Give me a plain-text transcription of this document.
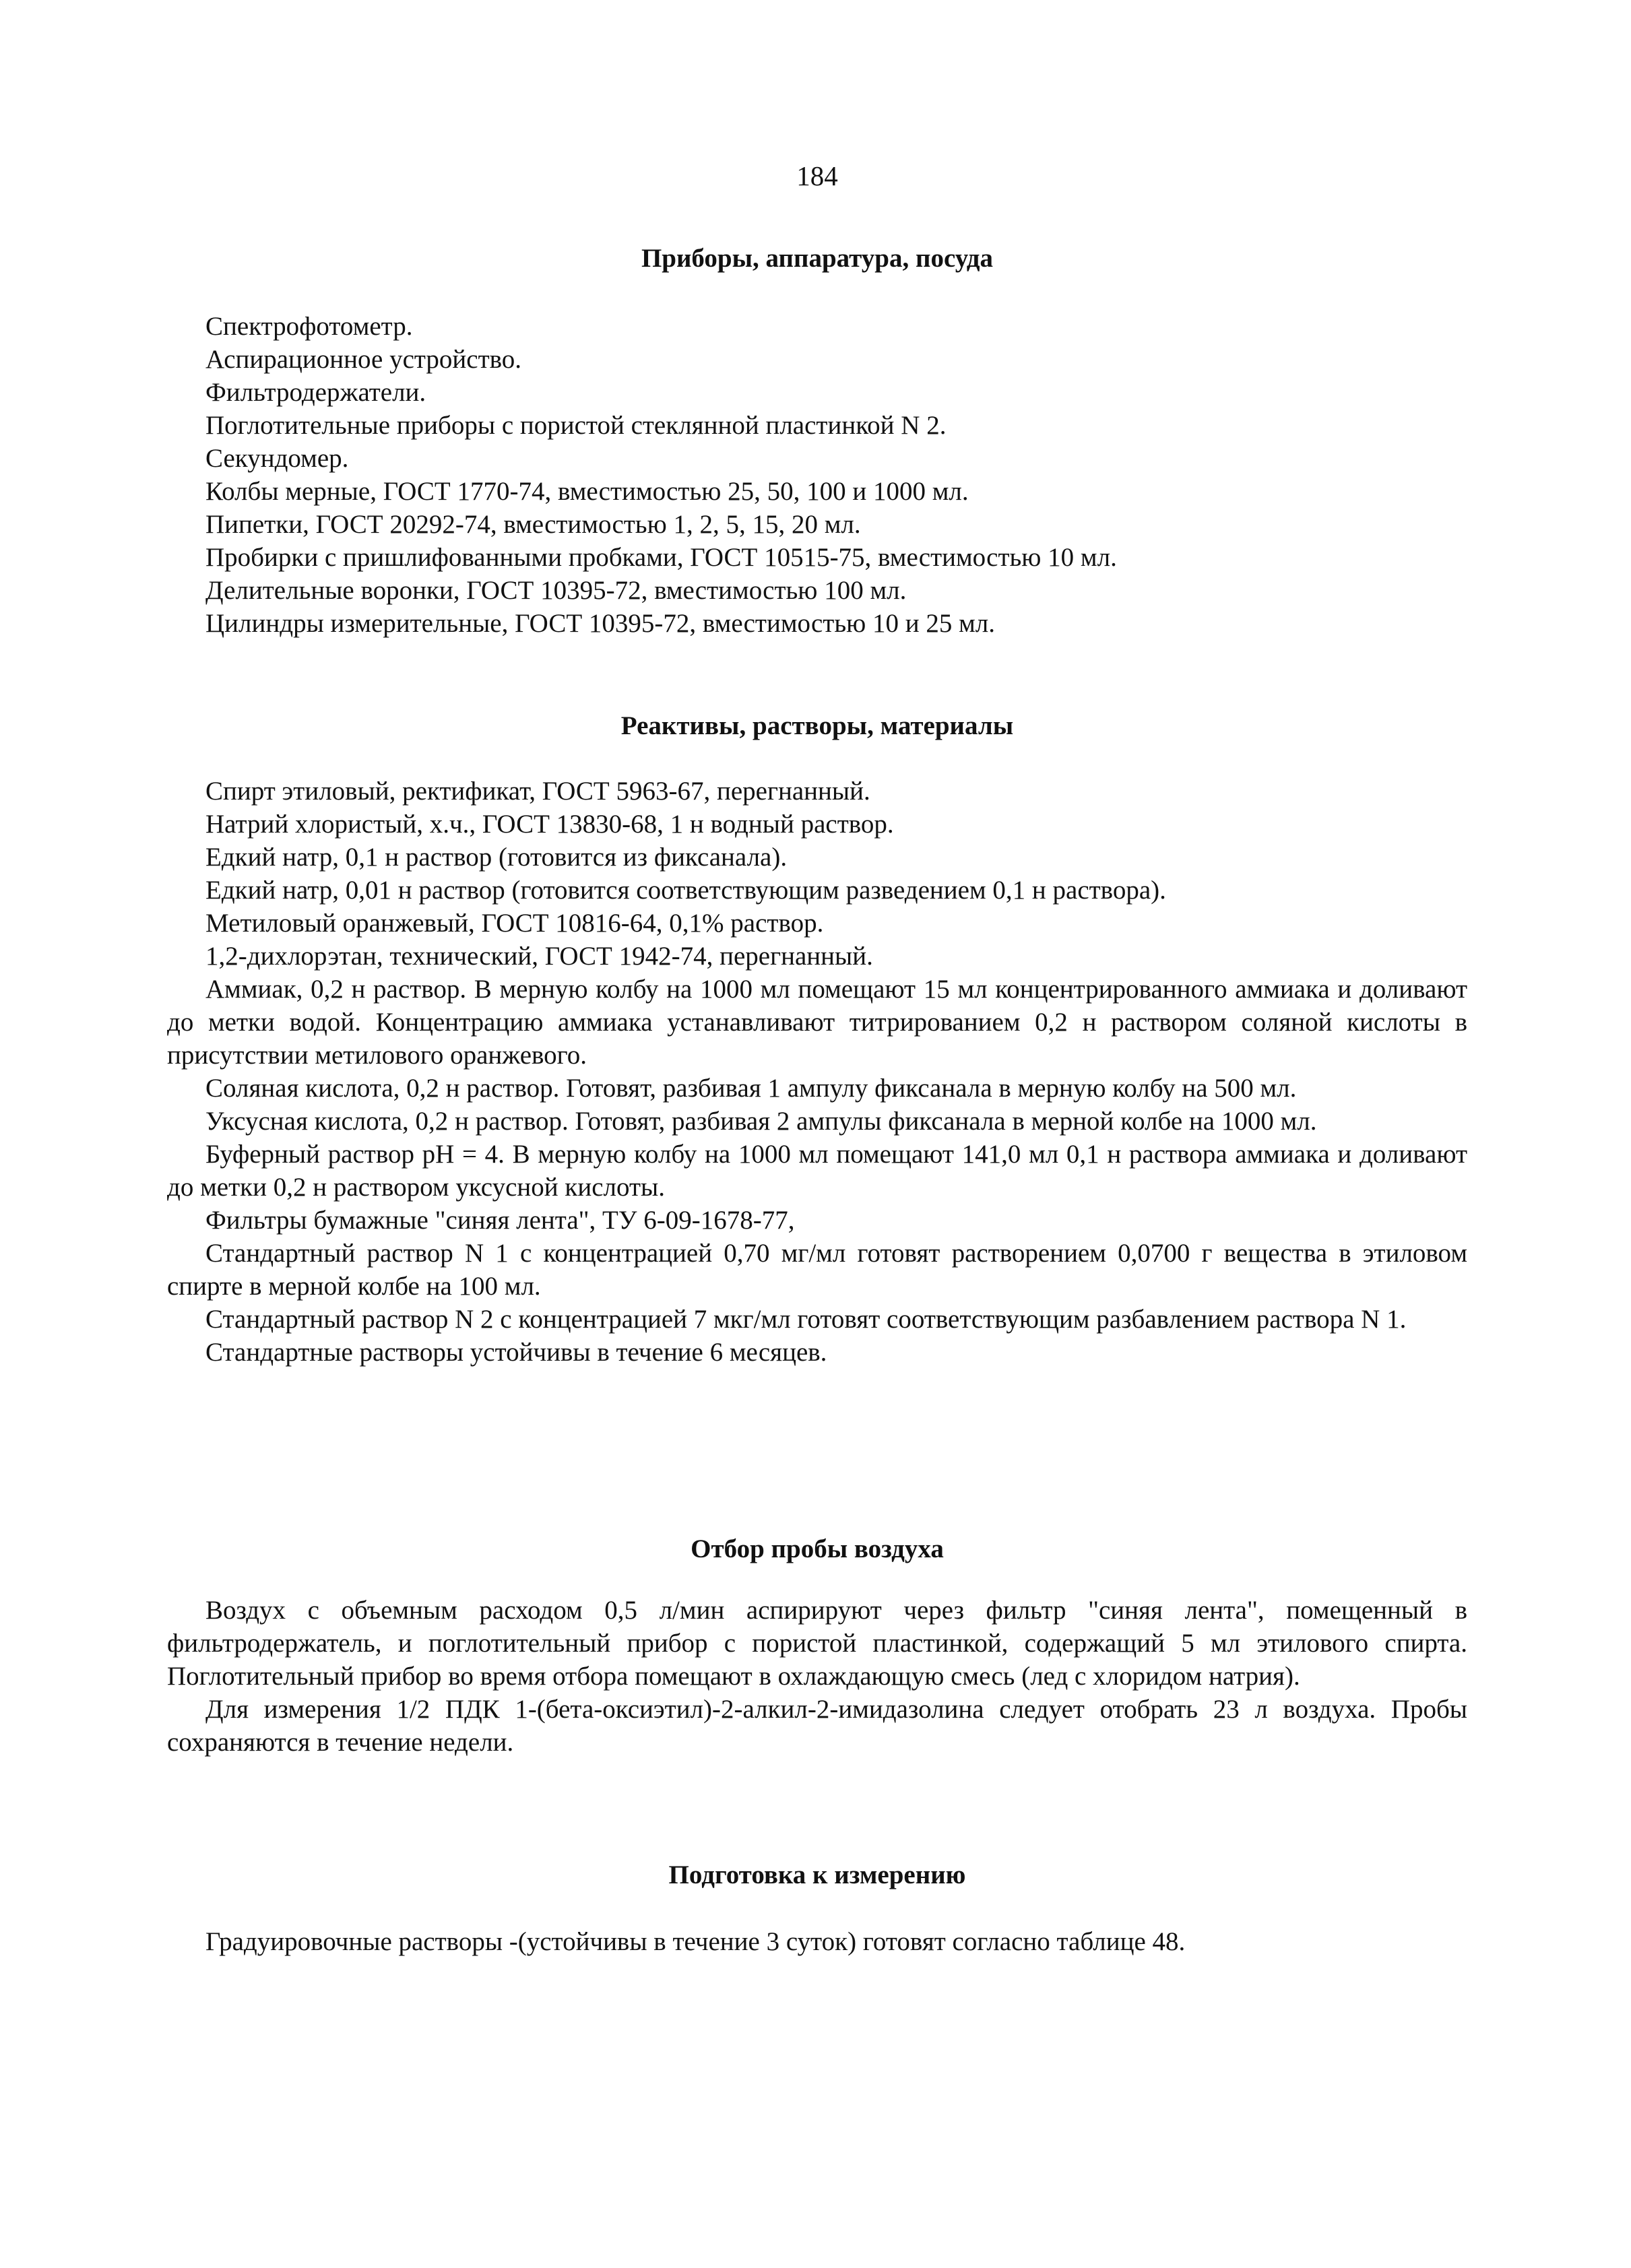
184
Приборы, аппаратура, посуда

Спектрофотометр.

Аспирационное устройство.

Фильтродержатели.

Поглотительные приборы с пористой стеклянной пластинкой N 2.

Секундомер.

Колбы мерные, ГОСТ 1770-74, вместимостью 25, 50, 100 и 1000 мл.

Пипетки, ГОСТ 20292-74, вместимостью 1, 2, 5, 15, 20 мл.

Пробирки с пришлифованными пробками, ГОСТ 10515-75, вместимостью 10 мл.

Делительные воронки, ГОСТ 10395-72, вместимостью 100 мл.

Цилиндры измерительные, ГОСТ 10395-72, вместимостью 10 и 25 мл.

Реактивы, растворы, материалы

Спирт этиловый, ректификат, ГОСТ 5963-67, перегнанный.

Натрий хлористый, х.ч., ГОСТ 13830-68, 1 н водный раствор.

Едкий натр, 0,1 н раствор (готовится из фиксанала).

Едкий натр, 0,01 н раствор (готовится соответствующим разведением 0,1 н раствора).

Метиловый оранжевый, ГОСТ 10816-64, 0,1% раствор.

1,2-дихлорэтан, технический, ГОСТ 1942-74, перегнанный.

Аммиак, 0,2 н раствор. В мерную колбу на 1000 мл помещают 15 мл концентрированного аммиака и доливают до метки водой. Концентрацию аммиака устанавливают титрированием 0,2 н раствором соляной кислоты в присутствии метилового оранжевого.

Соляная кислота, 0,2 н раствор. Готовят, разбивая 1 ампулу фиксанала в мерную колбу на 500 мл.

Уксусная кислота, 0,2 н раствор. Готовят, разбивая 2 ампулы фиксанала в мерной колбе на 1000 мл.

Буферный раствор pH = 4. В мерную колбу на 1000 мл помещают 141,0 мл 0,1 н раствора аммиака и доливают до метки 0,2 н раствором уксусной кислоты.

Фильтры бумажные "синяя лента", ТУ 6-09-1678-77,

Стандартный раствор N 1 с концентрацией 0,70 мг/мл готовят растворением 0,0700 г вещества в этиловом спирте в мерной колбе на 100 мл.

Стандартный раствор N 2 с концентрацией 7 мкг/мл готовят соответствующим разбавлением раствора N 1.

Стандартные растворы устойчивы в течение 6 месяцев.

Отбор пробы воздуха

Воздух с объемным расходом 0,5 л/мин аспирируют через фильтр "синяя лента", помещенный в фильтродержатель, и поглотительный прибор с пористой пластинкой, содержащий 5 мл этилового спирта. Поглотительный прибор во время отбора помещают в охлаждающую смесь (лед с хлоридом натрия).

Для измерения 1/2 ПДК 1-(бета-оксиэтил)-2-алкил-2-имидазолина следует отобрать 23 л воздуха. Пробы сохраняются в течение недели.

Подготовка к измерению

Градуировочные растворы -(устойчивы в течение 3 суток) готовят согласно таблице 48.
